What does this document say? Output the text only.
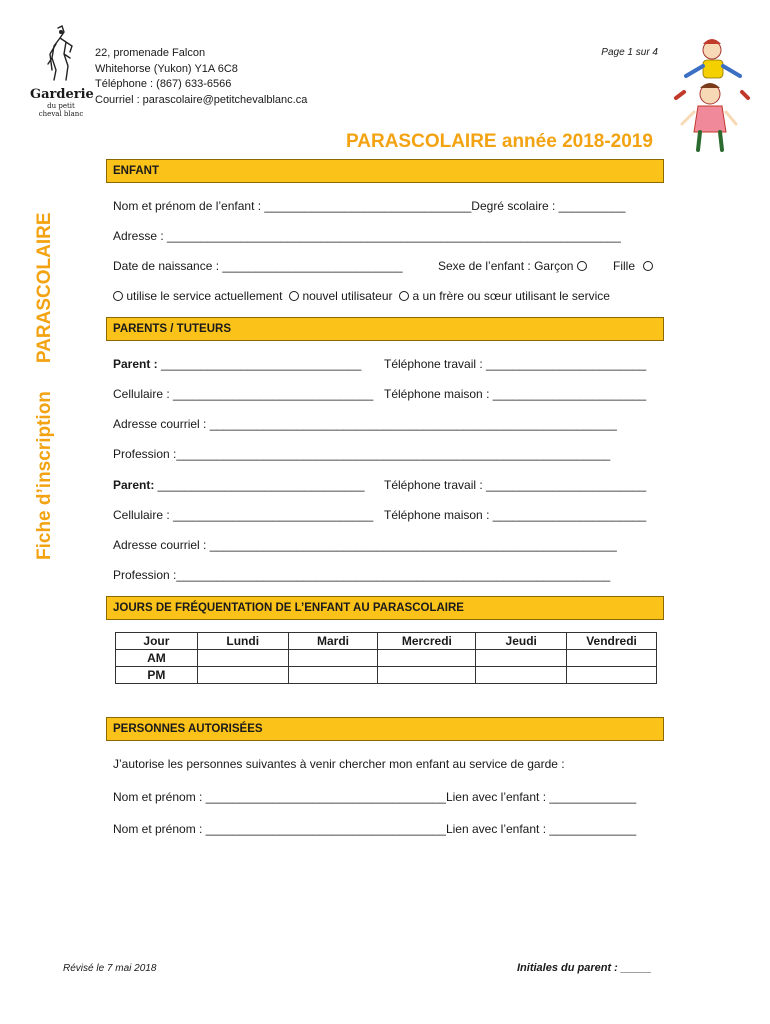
Garderie
du petit
cheval blanc
22, promenade Falcon
Whitehorse (Yukon) Y1A 6C8
Téléphone : (867) 633-6566
Courriel : parascolaire@petitchevalblanc.ca
Page 1 sur 4
PARASCOLAIRE année 2018-2019
Fiche d’inscriptionPARASCOLAIRE
ENFANT
Nom et prénom de l’enfant : _______________________________Degré scolaire : __________
Adresse : ____________________________________________________________________
Date de naissance : ___________________________	Sexe de l’enfant : Garçon	Fille
utilise le service actuellement nouvel utilisateur a un frère ou sœur utilisant le service
PARENTS / TUTEURS
Parent : ______________________________ Téléphone travail : ________________________
Cellulaire : ______________________________ Téléphone maison : _______________________
Adresse courriel : _____________________________________________________________
Profession :_________________________________________________________________
Parent: _______________________________ Téléphone travail : ________________________
Cellulaire : ______________________________ Téléphone maison : _______________________
Adresse courriel : _____________________________________________________________
Profession :_________________________________________________________________
JOURS DE FRÉQUENTATION DE L’ENFANT AU PARASCOLAIRE
Jour	Lundi	Mardi	Mercredi	Jeudi	Vendredi
AM					
PM					
PERSONNES AUTORISÉES
J’autorise les personnes suivantes à venir chercher mon enfant au service de garde :
Nom et prénom : ____________________________________Lien avec l’enfant : _____________
Nom et prénom : ____________________________________Lien avec l’enfant : _____________
Révisé le 7 mai 2018	Initiales du parent : _____
